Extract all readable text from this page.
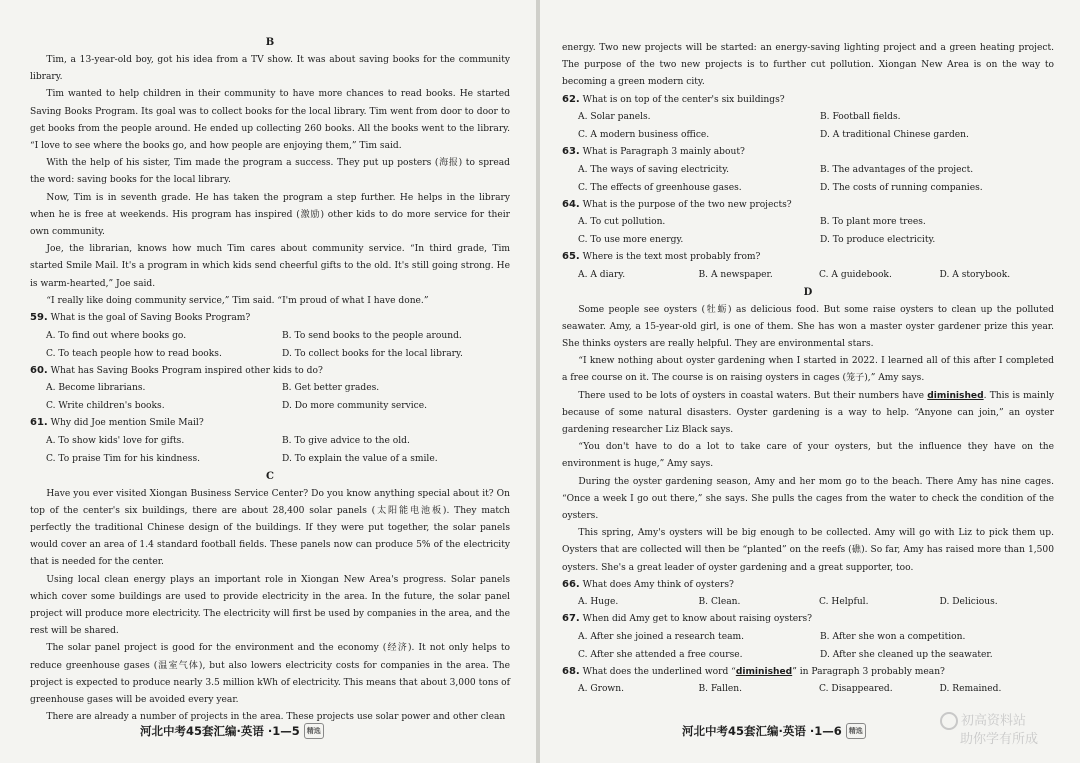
B

Tim, a 13-year-old boy, got his idea from a TV show. It was about saving books for the community library.

Tim wanted to help children in their community to have more chances to read books. He started Saving Books Program. Its goal was to collect books for the local library. Tim went from door to door to get books from the people around. He ended up collecting 260 books. All the books went to the library. “I love to see where the books go, and how people are enjoying them,” Tim said.

With the help of his sister, Tim made the program a success. They put up posters (海报) to spread the word: saving books for the local library.

Now, Tim is in seventh grade. He has taken the program a step further. He helps in the library when he is free at weekends. His program has inspired (激励) other kids to do more service for their own community.

Joe, the librarian, knows how much Tim cares about community service. “In third grade, Tim started Smile Mail. It's a program in which kids send cheerful gifts to the old. It's still going strong. He is warm-hearted,” Joe said.

“I really like doing community service,” Tim said. “I'm proud of what I have done.”

59. What is the goal of Saving Books Program?
A. To find out where books go.	B. To send books to the people around.
C. To teach people how to read books.	D. To collect books for the local library.
60. What has Saving Books Program inspired other kids to do?
A. Become librarians.	B. Get better grades.
C. Write children's books.	D. Do more community service.
61. Why did Joe mention Smile Mail?
A. To show kids' love for gifts.	B. To give advice to the old.
C. To praise Tim for his kindness.	D. To explain the value of a smile.

C

Have you ever visited Xiongan Business Service Center? Do you know anything special about it? On top of the center's six buildings, there are about 28,400 solar panels (太阳能电池板). They match perfectly the traditional Chinese design of the buildings. If they were put together, the solar panels would cover an area of 1.4 standard football fields. These panels now can produce 5% of the electricity that is needed for the center.

Using local clean energy plays an important role in Xiongan New Area's progress. Solar panels which cover some buildings are used to provide electricity in the area. In the future, the solar panel project will produce more electricity. The electricity will first be used by companies in the area, and the rest will be shared.

The solar panel project is good for the environment and the economy (经济). It not only helps to reduce greenhouse gases (温室气体), but also lowers electricity costs for companies in the area. The project is expected to produce nearly 3.5 million kWh of electricity. This means that about 3,000 tons of greenhouse gases will be avoided every year.

There are already a number of projects in the area. These projects use solar power and other clean

河北中考45套汇编·英语 ·1—5	精选

energy. Two new projects will be started: an energy-saving lighting project and a green heating project. The purpose of the two new projects is to further cut pollution. Xiongan New Area is on the way to becoming a green modern city.

62. What is on top of the center's six buildings?
A. Solar panels.	B. Football fields.
C. A modern business office.	D. A traditional Chinese garden.
63. What is Paragraph 3 mainly about?
A. The ways of saving electricity.	B. The advantages of the project.
C. The effects of greenhouse gases.	D. The costs of running companies.
64. What is the purpose of the two new projects?
A. To cut pollution.	B. To plant more trees.
C. To use more energy.	D. To produce electricity.
65. Where is the text most probably from?
A. A diary.	B. A newspaper.	C. A guidebook.	D. A storybook.

D

Some people see oysters (牡蛎) as delicious food. But some raise oysters to clean up the polluted seawater. Amy, a 15-year-old girl, is one of them. She has won a master oyster gardener prize this year. She thinks oysters are really helpful. They are environmental stars.

“I knew nothing about oyster gardening when I started in 2022. I learned all of this after I completed a free course on it. The course is on raising oysters in cages (笼子),” Amy says.

There used to be lots of oysters in coastal waters. But their numbers have diminished. This is mainly because of some natural disasters. Oyster gardening is a way to help. “Anyone can join,” an oyster gardening researcher Liz Black says.

“You don't have to do a lot to take care of your oysters, but the influence they have on the environment is huge,” Amy says.

During the oyster gardening season, Amy and her mom go to the beach. There Amy has nine cages. “Once a week I go out there,” she says. She pulls the cages from the water to check the condition of the oysters.

This spring, Amy's oysters will be big enough to be collected. Amy will go with Liz to pick them up. Oysters that are collected will then be “planted” on the reefs (礁). So far, Amy has raised more than 1,500 oysters. She's a great leader of oyster gardening and a great supporter, too.

66. What does Amy think of oysters?
A. Huge.	B. Clean.	C. Helpful.	D. Delicious.
67. When did Amy get to know about raising oysters?
A. After she joined a research team.	B. After she won a competition.
C. After she attended a free course.	D. After she cleaned up the seawater.
68. What does the underlined word “diminished” in Paragraph 3 probably mean?
A. Grown.	B. Fallen.	C. Disappeared.	D. Remained.
河北中考45套汇编·英语 ·1—6	精选
初高资料站
助你学有所成
